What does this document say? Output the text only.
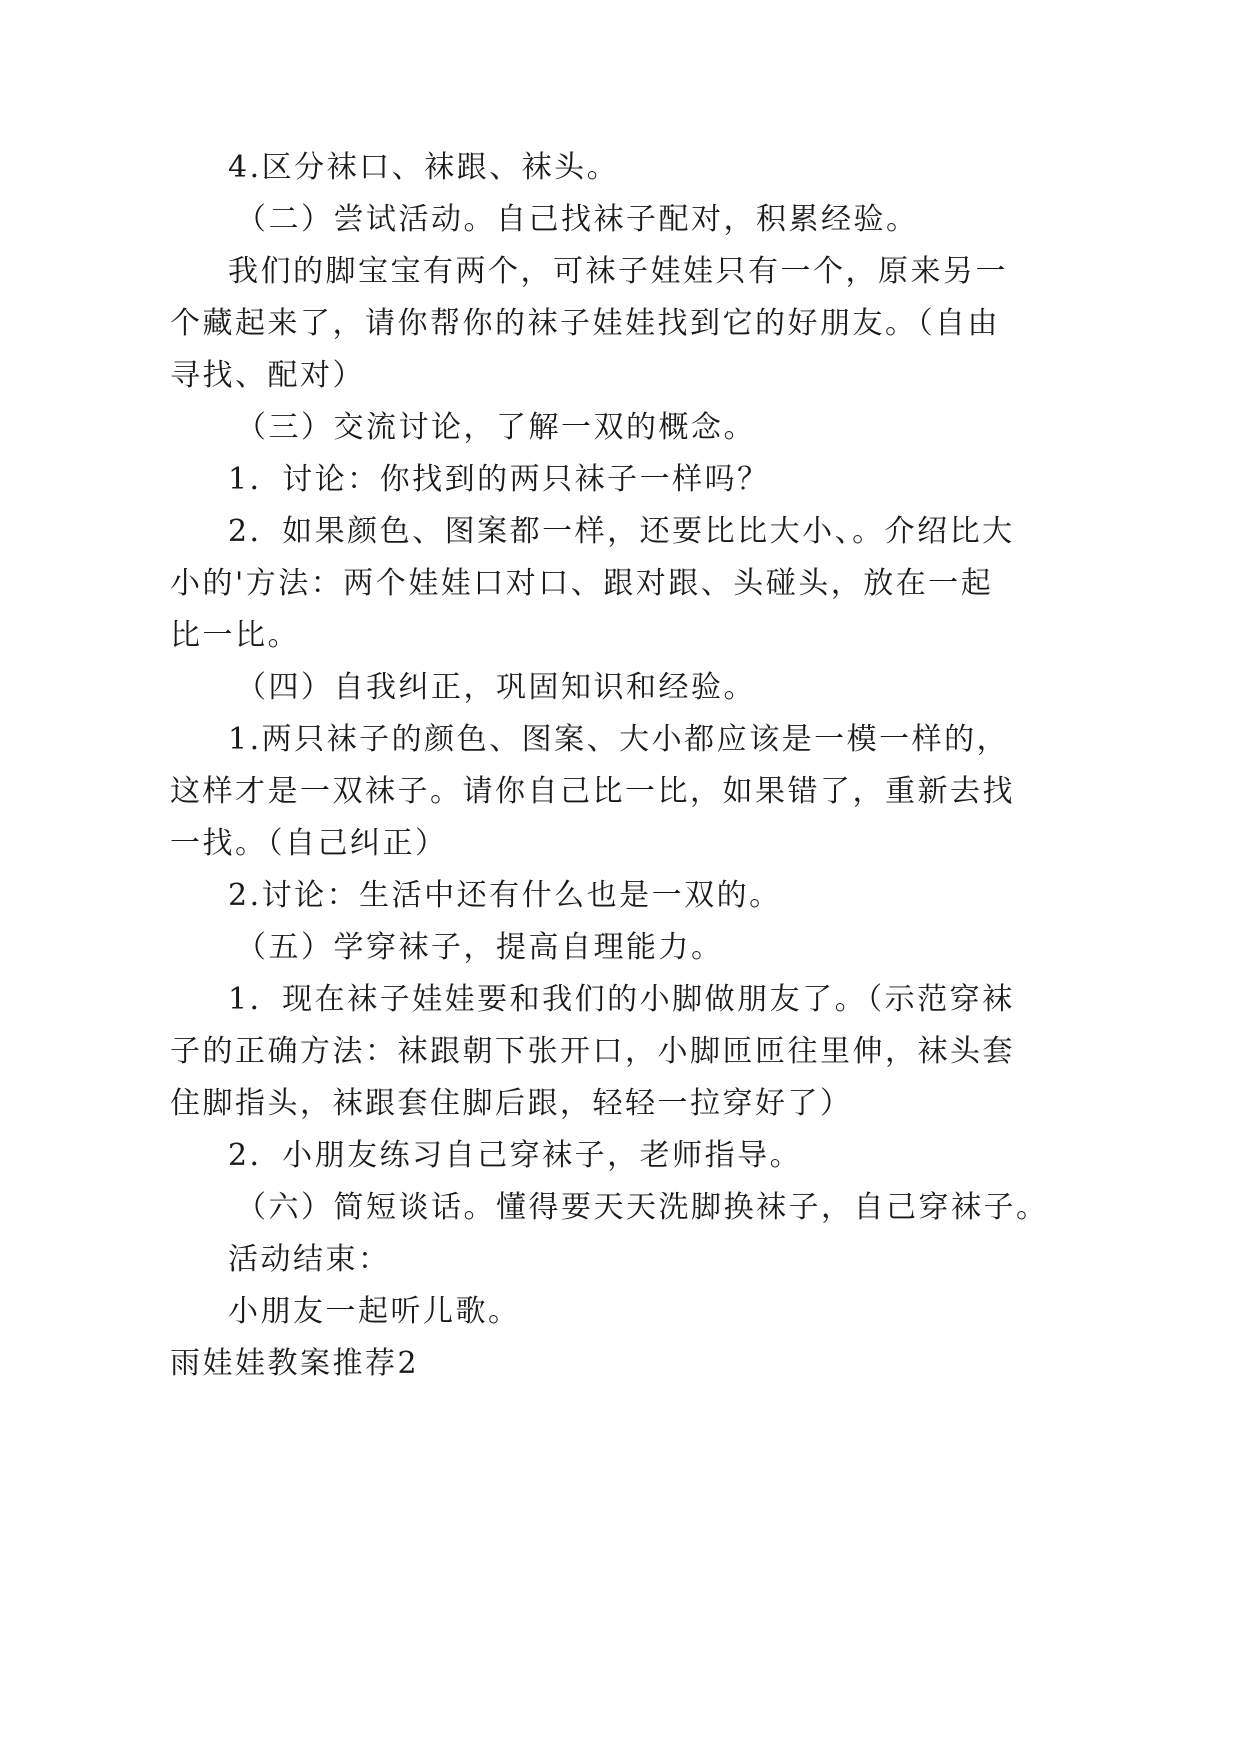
4.区分袜口、袜跟、袜头。
（二）尝试活动。自己找袜子配对，积累经验。
我们的脚宝宝有两个，可袜子娃娃只有一个，原来另一
个藏起来了，请你帮你的袜子娃娃找到它的好朋友。（自由
寻找、配对）
（三）交流讨论，了解一双的概念。
1．讨论：你找到的两只袜子一样吗？
2．如果颜色、图案都一样，还要比比大小、。介绍比大
小的'方法：两个娃娃口对口、跟对跟、头碰头，放在一起
比一比。
（四）自我纠正，巩固知识和经验。
1.两只袜子的颜色、图案、大小都应该是一模一样的，
这样才是一双袜子。请你自己比一比，如果错了，重新去找
一找。（自己纠正）
2.讨论：生活中还有什么也是一双的。
（五）学穿袜子，提高自理能力。
1．现在袜子娃娃要和我们的小脚做朋友了。（示范穿袜
子的正确方法：袜跟朝下张开口，小脚匝匝往里伸，袜头套
住脚指头，袜跟套住脚后跟，轻轻一拉穿好了）
2．小朋友练习自己穿袜子，老师指导。
（六）简短谈话。懂得要天天洗脚换袜子，自己穿袜子。
活动结束：
小朋友一起听儿歌。
雨娃娃教案推荐2
